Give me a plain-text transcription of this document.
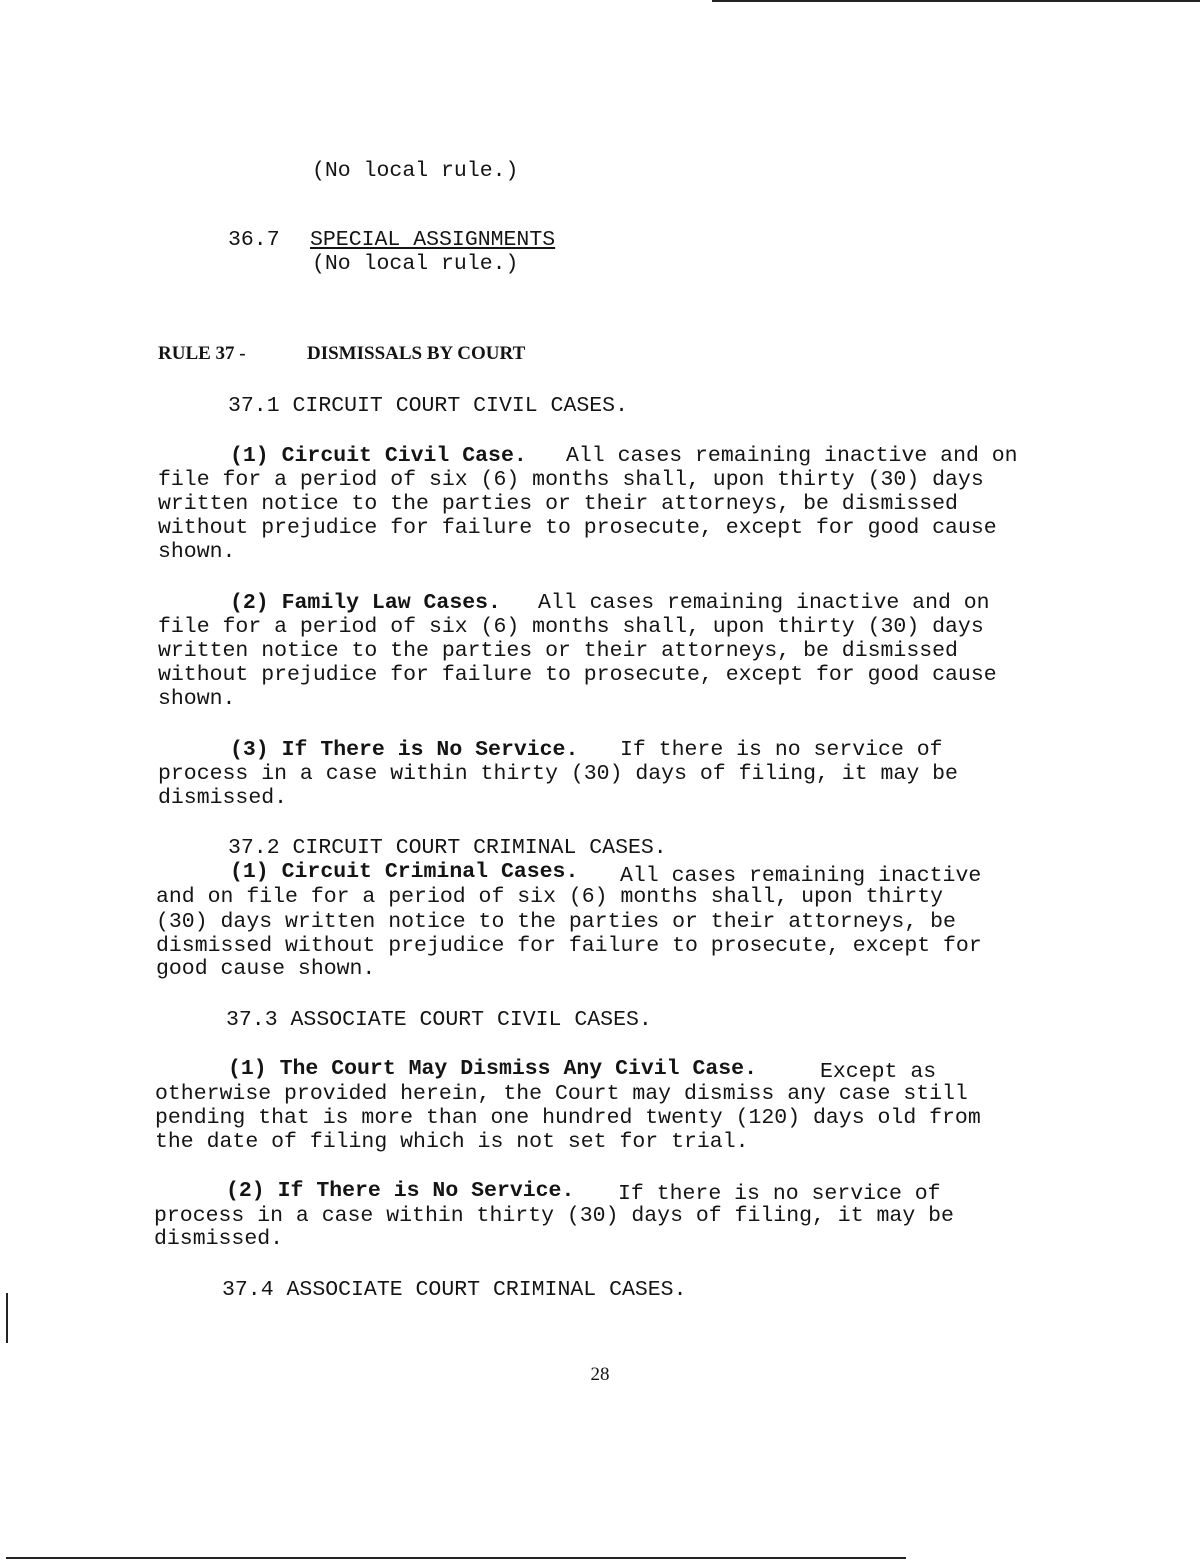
(No local rule.)
36.7 SPECIAL ASSIGNMENTS
(No local rule.)
RULE 37 -	DISMISSALS BY COURT
37.1 CIRCUIT COURT CIVIL CASES.
(1) Circuit Civil Case. All cases remaining inactive and on
file for a period of six (6) months shall, upon thirty (30) days
written notice to the parties or their attorneys, be dismissed
without prejudice for failure to prosecute, except for good cause
shown.
(2) Family Law Cases. All cases remaining inactive and on
file for a period of six (6) months shall, upon thirty (30) days
written notice to the parties or their attorneys, be dismissed
without prejudice for failure to prosecute, except for good cause
shown.
(3) If There is No Service. If there is no service of
process in a case within thirty (30) days of filing, it may be
dismissed.
37.2 CIRCUIT COURT CRIMINAL CASES.
(1) Circuit Criminal Cases. All cases remaining inactive
and on file for a period of six (6) months shall, upon thirty
(30) days written notice to the parties or their attorneys, be
dismissed without prejudice for failure to prosecute, except for
good cause shown.
37.3 ASSOCIATE COURT CIVIL CASES.
(1) The Court May Dismiss Any Civil Case.	Except as
otherwise provided herein, the Court may dismiss any case still
pending that is more than one hundred twenty (120) days old from
the date of filing which is not set for trial.
(2) If There is No Service. If there is no service of
process in a case within thirty (30) days of filing, it may be
dismissed.
37.4 ASSOCIATE COURT CRIMINAL CASES.
28
